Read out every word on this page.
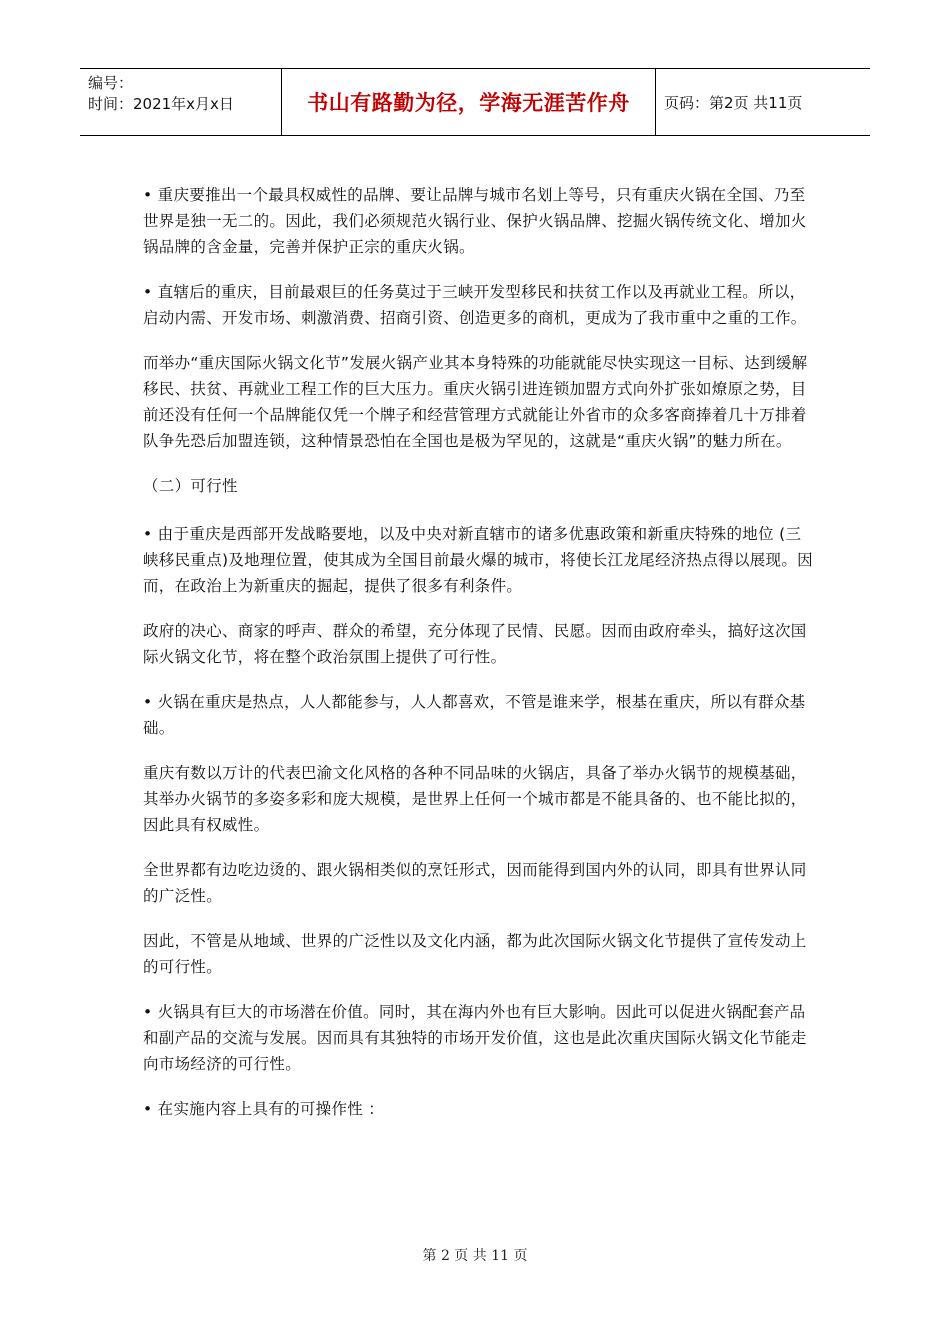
编号：
时间：2021年x月x日	书山有路勤为径，学海无涯苦作舟	页码：第2页 共11页

• 重庆要推出一个最具权威性的品牌、要让品牌与城市名划上等号，只有重庆火锅在全国、乃至世界是独一无二的。因此，我们必须规范火锅行业、保护火锅品牌、挖掘火锅传统文化、增加火锅品牌的含金量，完善并保护正宗的重庆火锅。

• 直辖后的重庆，目前最艰巨的任务莫过于三峡开发型移民和扶贫工作以及再就业工程。所以，启动内需、开发市场、刺激消费、招商引资、创造更多的商机，更成为了我市重中之重的工作。

而举办“重庆国际火锅文化节”发展火锅产业其本身特殊的功能就能尽快实现这一目标、达到缓解移民、扶贫、再就业工程工作的巨大压力。重庆火锅引进连锁加盟方式向外扩张如燎原之势，目前还没有任何一个品牌能仅凭一个牌子和经营管理方式就能让外省市的众多客商捧着几十万排着队争先恐后加盟连锁，这种情景恐怕在全国也是极为罕见的，这就是“重庆火锅”的魅力所在。

（二）可行性

• 由于重庆是西部开发战略要地，以及中央对新直辖市的诸多优惠政策和新重庆特殊的地位 (三峡移民重点)及地理位置，使其成为全国目前最火爆的城市，将使长江龙尾经济热点得以展现。因而，在政治上为新重庆的掘起，提供了很多有利条件。

政府的决心、商家的呼声、群众的希望，充分体现了民情、民愿。因而由政府牵头，搞好这次国际火锅文化节，将在整个政治氛围上提供了可行性。

• 火锅在重庆是热点，人人都能参与，人人都喜欢，不管是谁来学，根基在重庆，所以有群众基础。

重庆有数以万计的代表巴渝文化风格的各种不同品味的火锅店，具备了举办火锅节的规模基础，其举办火锅节的多姿多彩和庞大规模，是世界上任何一个城市都是不能具备的、也不能比拟的，因此具有权威性。

全世界都有边吃边烫的、跟火锅相类似的烹饪形式，因而能得到国内外的认同，即具有世界认同的广泛性。

因此，不管是从地域、世界的广泛性以及文化内涵，都为此次国际火锅文化节提供了宣传发动上的可行性。

• 火锅具有巨大的市场潜在价值。同时，其在海内外也有巨大影响。因此可以促进火锅配套产品和副产品的交流与发展。因而具有其独特的市场开发价值，这也是此次重庆国际火锅文化节能走向市场经济的可行性。

• 在实施内容上具有的可操作性 ：

第 2 页 共 11 页
